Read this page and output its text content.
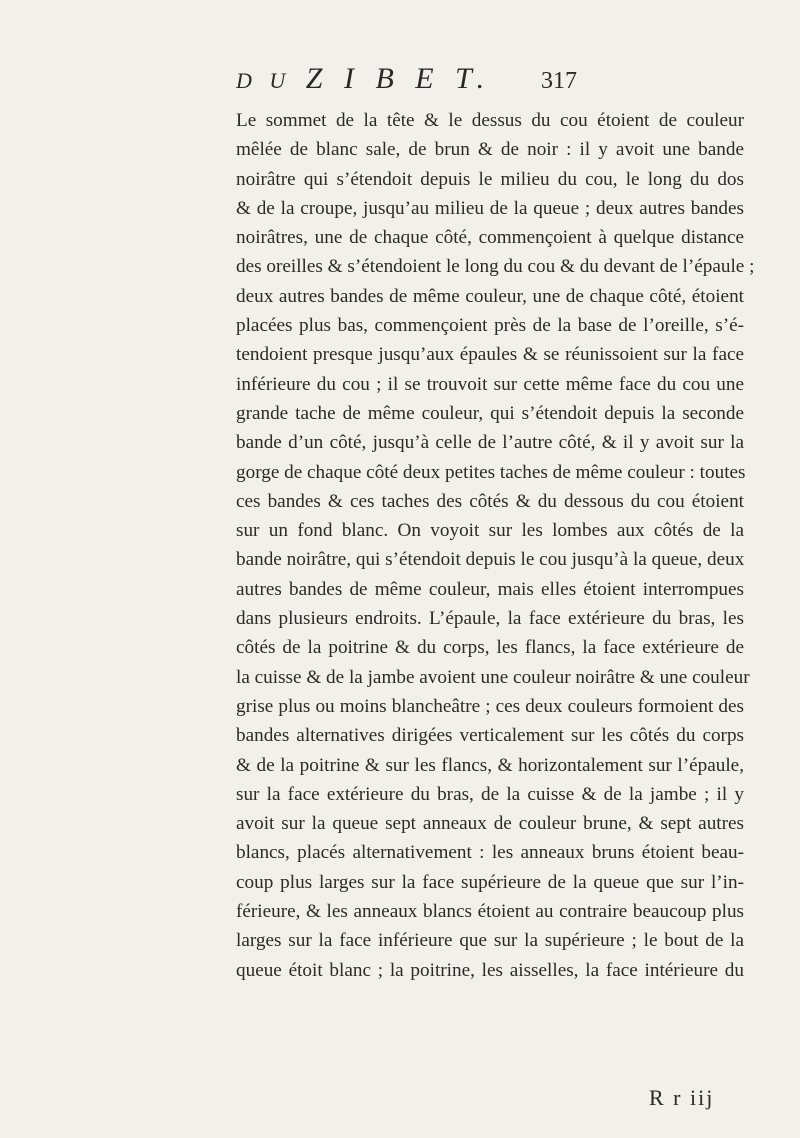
D U Z I B E T. 317
Le sommet de la tête & le dessus du cou étoient de couleur
mêlée de blanc sale, de brun & de noir : il y avoit une bande
noirâtre qui s’étendoit depuis le milieu du cou, le long du dos
& de la croupe, jusqu’au milieu de la queue ; deux autres bandes
noirâtres, une de chaque côté, commençoient à quelque distance
des oreilles & s’étendoient le long du cou & du devant de l’épaule ;
deux autres bandes de même couleur, une de chaque côté, étoient
placées plus bas, commençoient près de la base de l’oreille, s’é-
tendoient presque jusqu’aux épaules & se réunissoient sur la face
inférieure du cou ; il se trouvoit sur cette même face du cou une
grande tache de même couleur, qui s’étendoit depuis la seconde
bande d’un côté, jusqu’à celle de l’autre côté, & il y avoit sur la
gorge de chaque côté deux petites taches de même couleur : toutes
ces bandes & ces taches des côtés & du dessous du cou étoient
sur un fond blanc. On voyoit sur les lombes aux côtés de la
bande noirâtre, qui s’étendoit depuis le cou jusqu’à la queue, deux
autres bandes de même couleur, mais elles étoient interrompues
dans plusieurs endroits. L’épaule, la face extérieure du bras, les
côtés de la poitrine & du corps, les flancs, la face extérieure de
la cuisse & de la jambe avoient une couleur noirâtre & une couleur
grise plus ou moins blancheâtre ; ces deux couleurs formoient des
bandes alternatives dirigées verticalement sur les côtés du corps
& de la poitrine & sur les flancs, & horizontalement sur l’épaule,
sur la face extérieure du bras, de la cuisse & de la jambe ; il y
avoit sur la queue sept anneaux de couleur brune, & sept autres
blancs, placés alternativement : les anneaux bruns étoient beau-
coup plus larges sur la face supérieure de la queue que sur l’in-
férieure, & les anneaux blancs étoient au contraire beaucoup plus
larges sur la face inférieure que sur la supérieure ; le bout de la
queue étoit blanc ; la poitrine, les aisselles, la face intérieure du
R r iij
